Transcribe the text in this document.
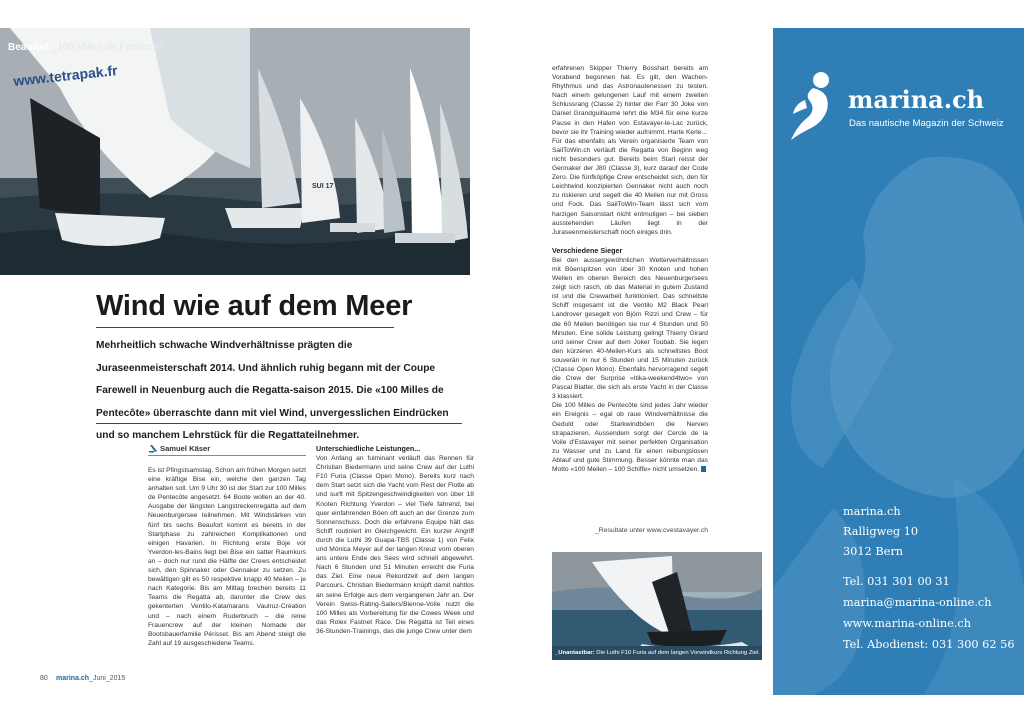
www.tetrapak.fr
SUI 17
Beaufort _100 Milles de Pentecôte
Wind wie auf dem Meer
Mehrheitlich schwache Windverhältnisse prägten die Juraseenmeisterschaft 2014. Und ähnlich ruhig begann mit der Coupe Farewell in Neuenburg auch die Regatta-saison 2015. Die «100 Milles de Pentecôte» überraschte dann mit viel Wind, unvergesslichen Eindrücken und so manchem Lehrstück für die Regattateilnehmer.
Samuel Käser

Es ist Pfingstsamstag. Schon am frühen Morgen setzt eine kräftige Bise ein, welche den ganzen Tag anhalten soll. Um 9 Uhr 30 ist der Start zur 100 Milles de Pentecôte angesetzt. 64 Boote wollen an der 40. Ausgabe der längsten Langstreckenregatta auf dem Neuenburgersee teilnehmen. Mit Windstärken von fünf bis sechs Beaufort kommt es bereits in der Startphase zu zahlreichen Komplikationen und einigen Havarien. In Richtung erste Boje vor Yverdon-les-Bains liegt bei Bise ein satter Raumkurs an – doch nur rund die Hälfte der Crews entscheidet sich, den Spinnaker oder Gennaker zu setzen. Zu bewältigen gilt es 50 respektive knapp 40 Meilen – je nach Kategorie. Bis am Mittag brechen bereits 11 Teams die Regatta ab, darunter die Crew des gekenterten Ventilo-Katamarans Vaulruz-Création und – nach einem Ruderbruch – die reine Frauencrew auf der kleinen Nomade der Bootsbauerfamilie Périsset. Bis am Abend steigt die Zahl auf 19 ausgeschiedene Teams.

Unterschiedliche Leistungen...

Von Anfang an fulminant verläuft das Rennen für Christian Biedermann und seine Crew auf der Luthi F10 Furia (Classe Open Mono). Bereits kurz nach dem Start setzt sich die Yacht vom Rest der Flotte ab und surft mit Spitzengeschwindigkeiten von über 18 Knoten Richtung Yverdon – viel Tiefe fahrend, bei quer einfahrenden Böen oft auch an der Grenze zum Sonnenschuss. Doch die erfahrene Equipe hält das Schiff routiniert im Gleichgewicht. Ein kurzer Angriff durch die Luthi 39 Guapa-TBS (Classe 1) von Felix und Mónica Meyer auf der langen Kreuz vom oberen ans untere Ende des Sees wird schnell abgewehrt. Nach 6 Stunden und 51 Minuten erreicht die Furia das Ziel. Eine neue Rekordzeit auf dem langen Parcours. Christian Biedermann knüpft damit nahtlos an seine Erfolge aus dem vergangenen Jahr an. Der Verein Swiss-Rating-Sailers/Bienne-Voile nutzt die 100 Milles als Vorbereitung für die Cowes Week und das Rolex Fastnet Race. Die Regatta ist Teil eines 36-Stunden-Trainings, das die junge Crew unter dem

erfahrenen Skipper Thierry Bosshart bereits am Vorabend begonnen hat. Es gilt, den Wachen-Rhythmus und das Astronautenessen zu testen. Nach einem gelungenen Lauf mit einem zweiten Schlussrang (Classe 2) hinter der Farr 30 Joke von Daniel Grandguillaume lehrt die M34 für eine kurze Pause in den Hafen von Estavayer-le-Lac zurück, bevor sie ihr Training wieder aufnimmt. Harte Kerle...
Für das ebenfalls als Verein organisierte Team von SailToWin.ch verläuft die Regatta von Beginn weg nicht besonders gut. Bereits beim Start reisst der Gennaker der J80 (Classe 3), kurz darauf der Code Zero. Die fünfköpfige Crew entscheidet sich, den für Leichtwind konzipierten Gennaker nicht auch noch zu riskieren und segelt die 40 Meilen nur mit Gross und Fock. Das SailToWin-Team lässt sich vom harzigen Saisonstart nicht entmutigen – bei sieben ausstehenden Läufen liegt in der Juraseenmeisterschaft noch einiges drin.

Verschiedene Sieger

Bei den aussergewöhnlichen Wetterverhältnissen mit Böenspitzen von über 30 Knoten und hohen Wellen im oberen Bereich des Neuenburgersees zeigt sich rasch, ob das Material in gutem Zustand ist und die Crewarbeit funktioniert. Das schnellste Schiff insgesamt ist die Ventilo M2 Black Pearl Landrover gesegelt von Björn Rizzi und Crew – für die 60 Meilen benötigen sie nur 4 Stunden und 50 Minuten. Eine solide Leistung gelingt Thierry Girard und seiner Crew auf dem Joker Toubab. Sie legen den kürzeren 40-Meilen-Kurs als schnellstes Boot souverän in nur 6 Stunden und 15 Minuten zurück (Classe Open Mono). Ebenfalls hervorragend segelt die Crew der Surprise «Itika-weekend4two» von Pascal Blatter, die sich als erste Yacht in der Classe 3 klassiert.
Die 100 Milles de Pentecôte sind jedes Jahr wieder ein Ereignis – egal ob raue Windverhältnisse die Geduld oder Starkwindböen die Nerven strapazieren. Aussendem sorgt der Cercle de la Voile d'Estavayer mit seiner perfekten Organisation zu Wasser und zu Land für einen reibungslosen Ablauf und gute Stimmung. Besser könnte man das Motto «100 Meilen – 100 Schiffe» nicht umsetzen.

_Resultate unter www.cvestavayer.ch
_Unantastbar: Die Luthi F10 Furia auf dem langen Vorwindkurs Richtung Ziel.
80 marina.ch_Juni_2015
marina.ch
Das nautische Magazin der Schweiz
marina.ch
Ralligweg 10
3012 Bern
Tel. 031 301 00 31
marina@marina-online.ch
www.marina-online.ch
Tel. Abodienst: 031 300 62 56
